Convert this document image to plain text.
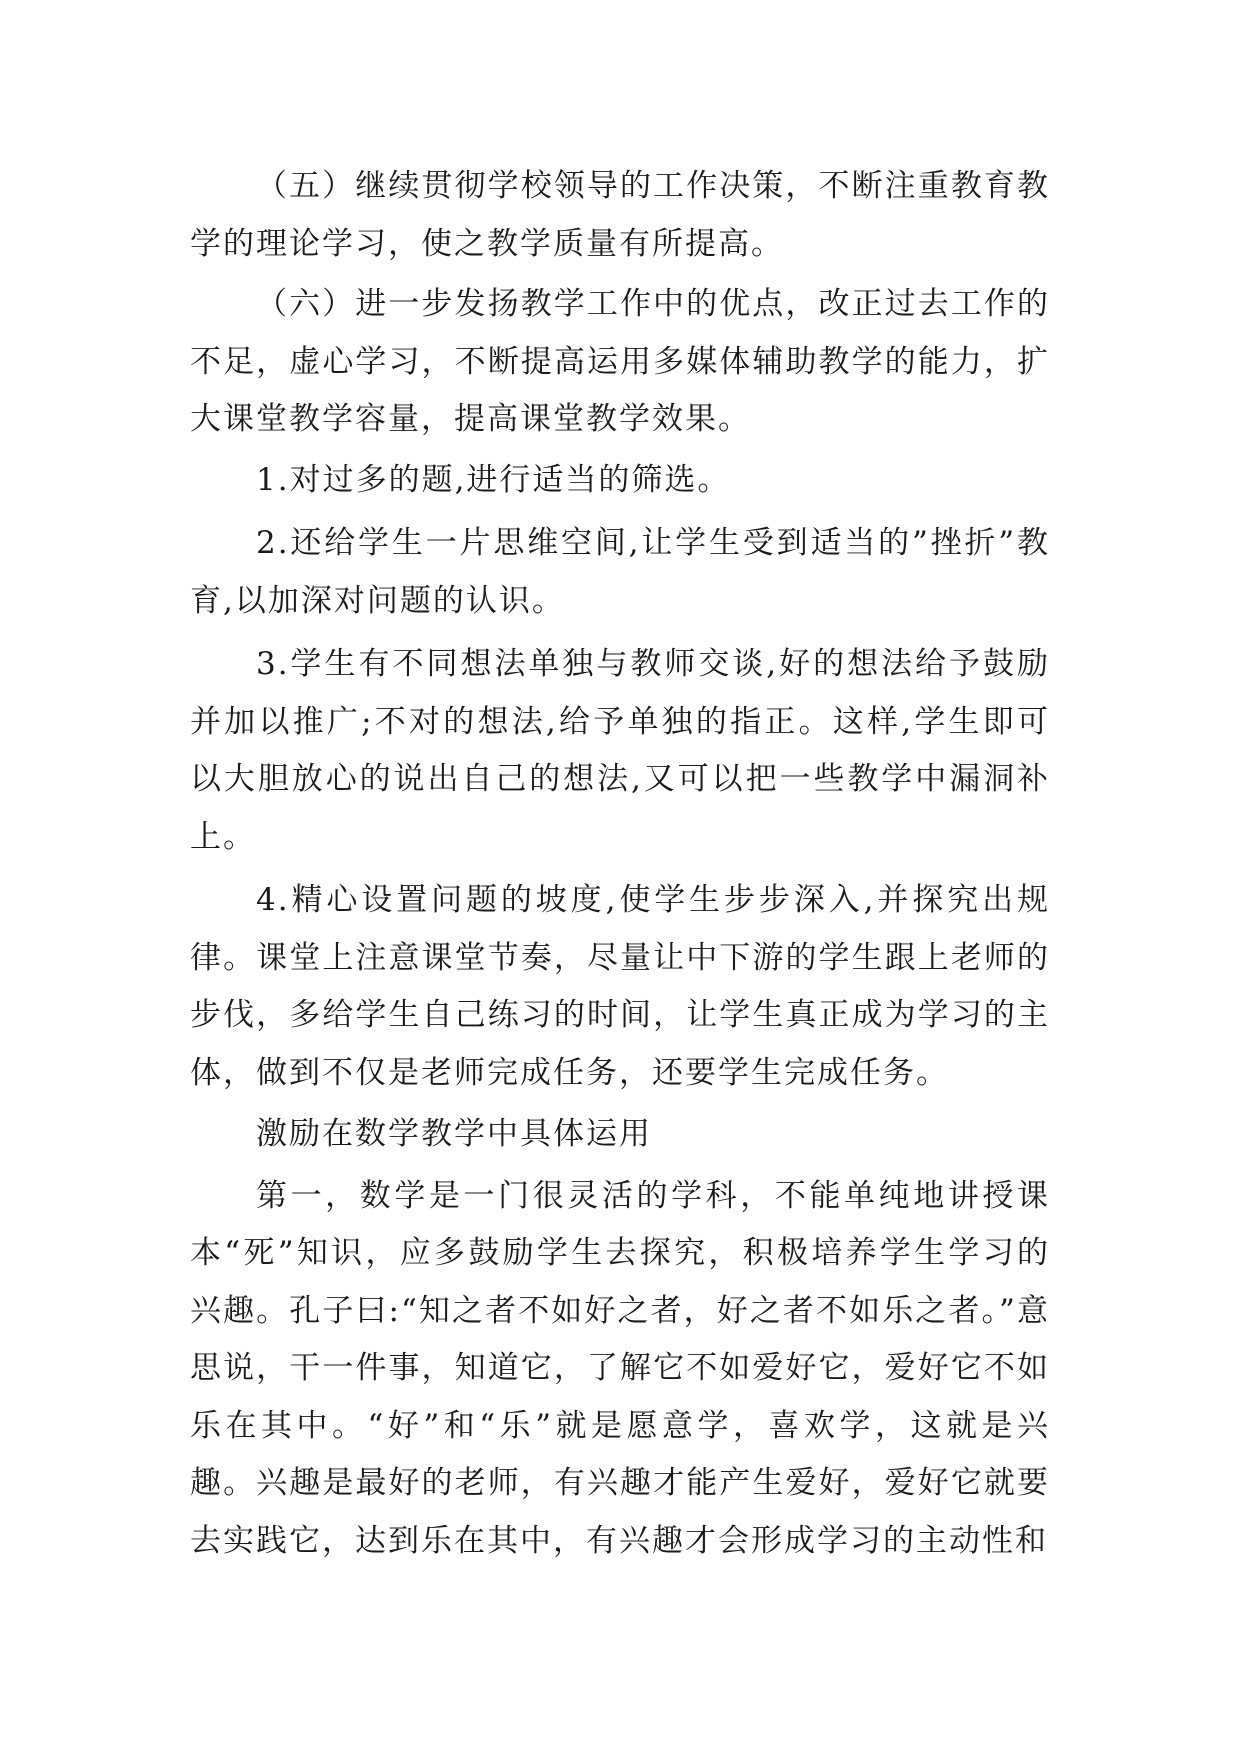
（五）继续贯彻学校领导的工作决策，不断注重教育教学的理论学习，使之教学质量有所提高。

（六）进一步发扬教学工作中的优点，改正过去工作的不足，虚心学习，不断提高运用多媒体辅助教学的能力，扩大课堂教学容量，提高课堂教学效果。

1.对过多的题,进行适当的筛选。

2.还给学生一片思维空间,让学生受到适当的”挫折”教育,以加深对问题的认识。

3.学生有不同想法单独与教师交谈,好的想法给予鼓励并加以推广;不对的想法,给予单独的指正。这样,学生即可以大胆放心的说出自己的想法,又可以把一些教学中漏洞补上。

4.精心设置问题的坡度,使学生步步深入,并探究出规律。课堂上注意课堂节奏，尽量让中下游的学生跟上老师的步伐，多给学生自己练习的时间，让学生真正成为学习的主体，做到不仅是老师完成任务，还要学生完成任务。

激励在数学教学中具体运用

第一，数学是一门很灵活的学科，不能单纯地讲授课本“死”知识，应多鼓励学生去探究，积极培养学生学习的兴趣。孔子曰:“知之者不如好之者，好之者不如乐之者。”意思说，干一件事，知道它，了解它不如爱好它，爱好它不如乐在其中。“好”和“乐”就是愿意学，喜欢学，这就是兴趣。兴趣是最好的老师，有兴趣才能产生爱好，爱好它就要去实践它，达到乐在其中，有兴趣才会形成学习的主动性和
